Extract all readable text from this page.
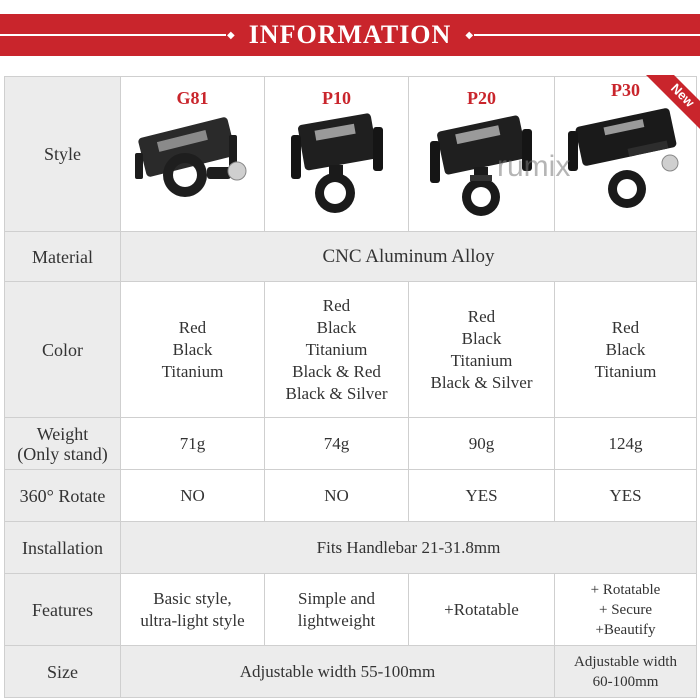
◆ INFORMATION ◆
Style	G81	P10	P20	P30 New

Material	CNC Aluminum Alloy			
Color	Red
Black
Titanium	Red
Black
Titanium
Black & Red
Black & Silver	Red
Black
Titanium
Black & Silver	Red
Black
Titanium
Weight
(Only stand)	71g	74g	90g	124g
360° Rotate	NO	NO	YES	YES
Installation	Fits Handlebar 21-31.8mm			
Features	Basic style,
ultra-light style	Simple and
lightweight	+Rotatable	+ Rotatable
+ Secure
+Beautify
Size	Adjustable width 55-100mm			Adjustable width
60-100mm
rumix
